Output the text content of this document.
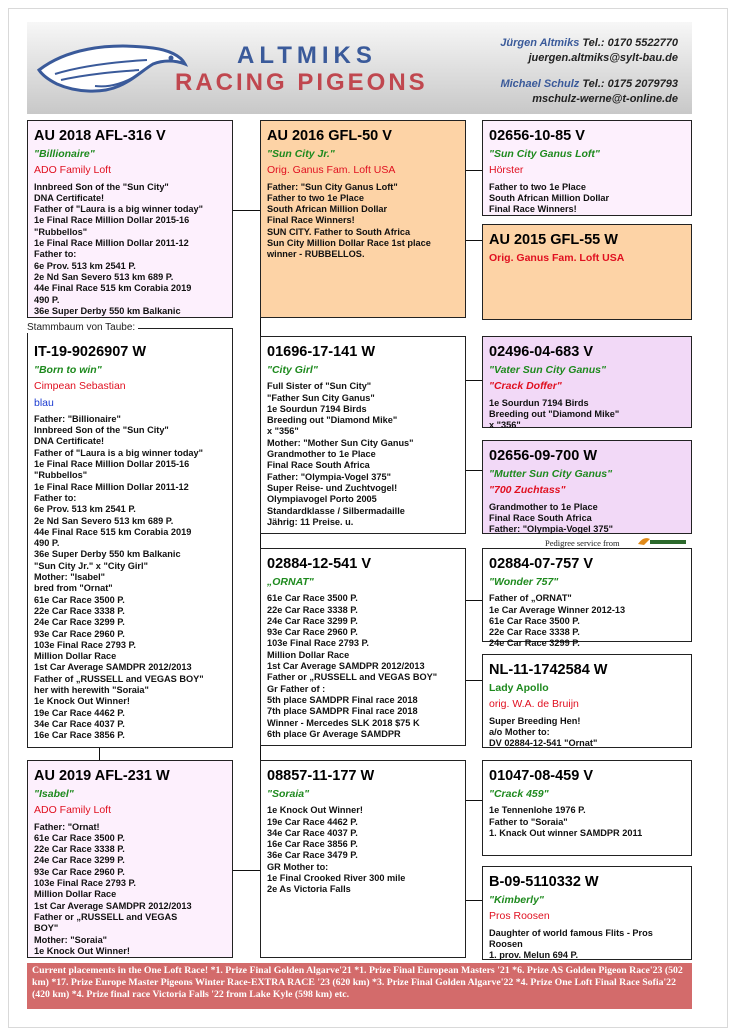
ALTMIKS
RACING PIGEONS
Jürgen Altmiks Tel.: 0170 5522770
juergen.altmiks@sylt-bau.de
Michael Schulz Tel.: 0175 2079793
mschulz-werne@t-online.de
AU 2018 AFL-316 V
"Billionaire"
ADO Family Loft
Innbreed Son of the "Sun City"
DNA Certificate!
Father of "Laura is a big winner today"
1e Final Race Million Dollar 2015-16
"Rubbellos"
1e Final Race Million Dollar 2011-12
Father to:
6e Prov. 513 km 2541 P.
2e Nd San Severo 513 km 689 P.
44e Final Race 515 km Corabia 2019
490 P.
36e Super Derby 550 km Balkanic
IT-19-9026907 W
"Born to win"
Cimpean Sebastian
blau
Father: "Billionaire"
Innbreed Son of the "Sun City"
DNA Certificate!
Father of "Laura is a big winner today"
1e Final Race Million Dollar 2015-16
"Rubbellos"
1e Final Race Million Dollar 2011-12
Father to:
6e Prov. 513 km 2541 P.
2e Nd San Severo 513 km 689 P.
44e Final Race 515 km Corabia 2019
490 P.
36e Super Derby 550 km Balkanic
"Sun City Jr." x "City Girl"
Mother: "Isabel"
bred from "Ornat"
61e Car Race 3500 P.
22e Car Race 3338 P.
24e Car Race 3299 P.
93e Car Race 2960 P.
103e Final Race 2793 P.
Million Dollar Race
1st Car Average SAMDPR 2012/2013
Father of „RUSSELL and VEGAS BOY"
her with herewith "Soraia"
1e Knock Out Winner!
19e Car Race 4462 P.
34e Car Race 4037 P.
16e Car Race 3856 P.
Stammbaum von Taube:
AU 2019 AFL-231 W
"Isabel"
ADO Family Loft
Father: "Ornat!
61e Car Race 3500 P.
22e Car Race 3338 P.
24e Car Race 3299 P.
93e Car Race 2960 P.
103e Final Race 2793 P.
Million Dollar Race
1st Car Average SAMDPR 2012/2013
Father or „RUSSELL and VEGAS
BOY"
Mother: "Soraia"
1e Knock Out Winner!
AU 2016 GFL-50 V
"Sun City Jr."
Orig. Ganus Fam. Loft USA
Father: "Sun City Ganus Loft"
Father to two 1e Place
South African Million Dollar
Final Race Winners!
SUN CITY. Father to South Africa
Sun City Million Dollar Race 1st place
winner - RUBBELLOS.
01696-17-141 W
"City Girl"
Full Sister of "Sun City"
"Father Sun City Ganus"
1e Sourdun 7194 Birds
Breeding out "Diamond Mike"
x "356"
Mother: "Mother Sun City Ganus"
Grandmother to 1e Place
Final Race South Africa
Father: "Olympia-Vogel 375"
Super Reise- und Zuchtvogel!
Olympiavogel Porto 2005
Standardklasse / Silbermadaille
Jährig: 11 Preise. u.
02884-12-541 V
„ORNAT"
61e Car Race 3500 P.
22e Car Race 3338 P.
24e Car Race 3299 P.
93e Car Race 2960 P.
103e Final Race 2793 P.
Million Dollar Race
1st Car Average SAMDPR 2012/2013
Father or „RUSSELL and VEGAS BOY"
Gr Father of :
5th place SAMDPR Final race 2018
7th place SAMDPR Final race 2018
Winner - Mercedes SLK 2018 $75 K
6th place Gr Average SAMDPR
08857-11-177 W
"Soraia"
1e Knock Out Winner!
19e Car Race 4462 P.
34e Car Race 4037 P.
16e Car Race 3856 P.
36e Car Race 3479 P.
GR Mother to:
1e Final Crooked River 300 mile
2e As Victoria Falls
02656-10-85 V
"Sun City Ganus Loft"
Hörster
Father to two 1e Place
South African Million Dollar
Final Race Winners!
AU 2015 GFL-55 W
Orig. Ganus Fam. Loft USA
02496-04-683 V
"Vater Sun City Ganus"
"Crack Doffer"
1e Sourdun 7194 Birds
Breeding out "Diamond Mike"
x "356"
02656-09-700 W
"Mutter Sun City Ganus"
"700 Zuchtass"
Grandmother to 1e Place
Final Race South Africa
Father: "Olympia-Vogel 375"
Pedigree service from
02884-07-757 V
"Wonder 757"
Father of „ORNAT"
1e Car Average Winner 2012-13
61e Car Race 3500 P.
22e Car Race 3338 P.
24e Car Race 3299 P.
NL-11-1742584 W
Lady Apollo
orig. W.A. de Bruijn
Super Breeding Hen!
a/o Mother to:
DV 02884-12-541 "Ornat"
01047-08-459 V
"Crack 459"
1e Tennenlohe 1976 P.
Father to "Soraia"
1. Knack Out winner SAMDPR 2011
B-09-5110332 W
"Kimberly"
Pros Roosen
Daughter of world famous Flits - Pros
Roosen
1. prov. Melun 694 P.
Current placements in the One Loft Race! *1. Prize Final Golden Algarve'21 *1. Prize Final European Masters '21 *6. Prize AS Golden Pigeon Race'23 (502 km) *17. Prize Europe Master Pigeons Winter Race-EXTRA RACE '23 (620 km) *3. Prize Final Golden Algarve'22 *4. Prize One Loft Final Race Sofia'22 (420 km) *4. Prize final race Victoria Falls '22 from Lake Kyle (598 km) etc.
